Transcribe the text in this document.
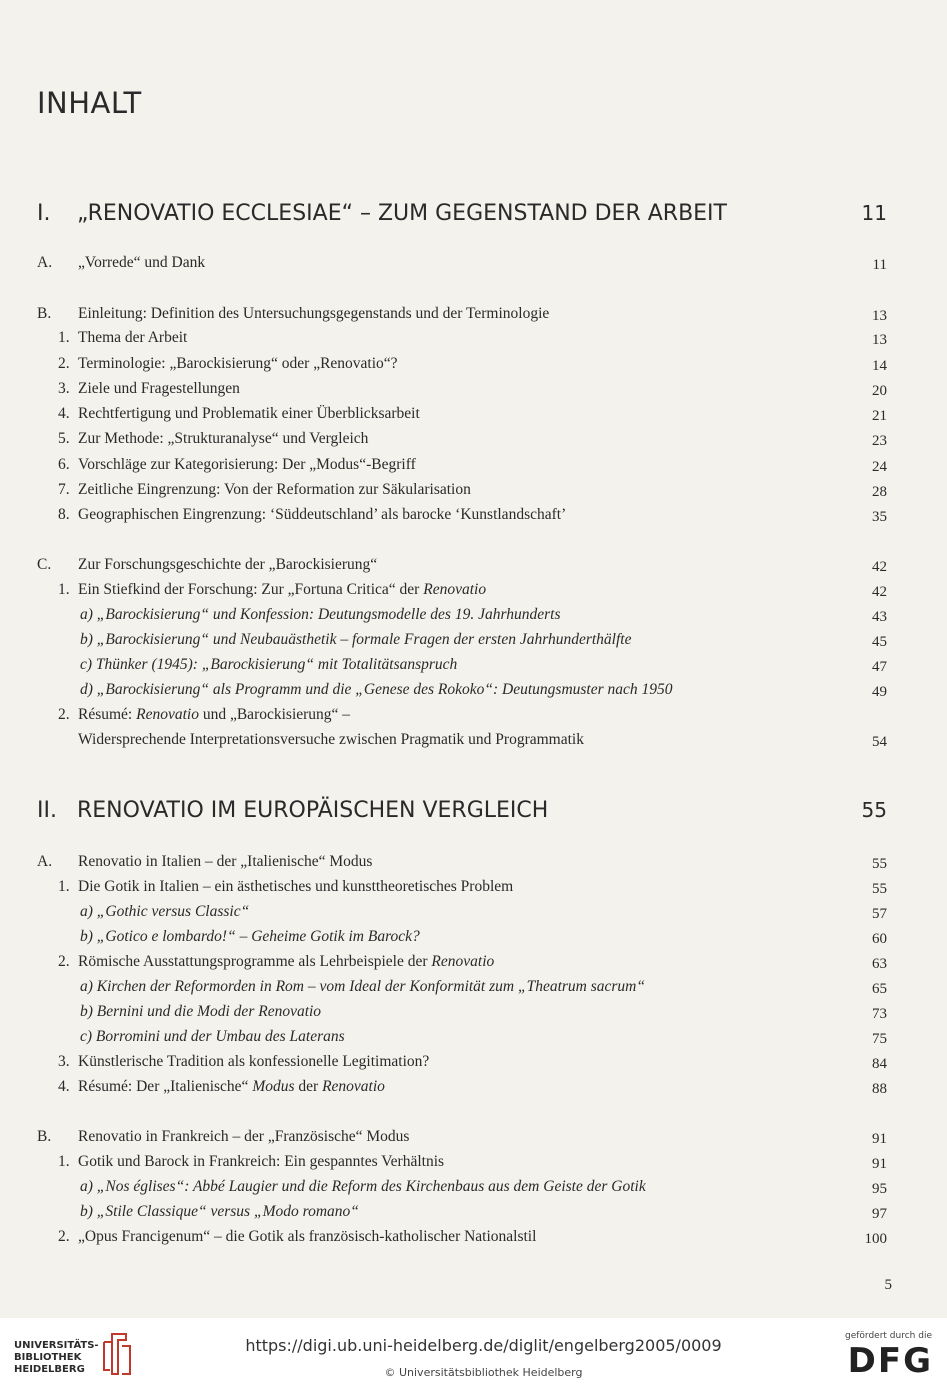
INHALT
I. „RENOVATIO ECCLESIAE“ – ZUM GEGENSTAND DER ARBEIT	11
A. „Vorrede“ und Dank	11
B. Einleitung: Definition des Untersuchungsgegenstands und der Terminologie	13
1. Thema der Arbeit	13
2. Terminologie: „Barockisierung“ oder „Renovatio“?	14
3. Ziele und Fragestellungen	20
4. Rechtfertigung und Problematik einer Überblicksarbeit	21
5. Zur Methode: „Strukturanalyse“ und Vergleich	23
6. Vorschläge zur Kategorisierung: Der „Modus“-Begriff	24
7. Zeitliche Eingrenzung: Von der Reformation zur Säkularisation	28
8. Geographischen Eingrenzung: ‘Süddeutschland’ als barocke ‘Kunstlandschaft’	35
C. Zur Forschungsgeschichte der „Barockisierung“	42
1. Ein Stiefkind der Forschung: Zur „Fortuna Critica“ der Renovatio	42
a) „Barockisierung“ und Konfession: Deutungsmodelle des 19. Jahrhunderts	43
b) „Barockisierung“ und Neubauästhetik – formale Fragen der ersten Jahrhunderthälfte	45
c) Thünker (1945): „Barockisierung“ mit Totalitätsanspruch	47
d) „Barockisierung“ als Programm und die „Genese des Rokoko“: Deutungsmuster nach 1950	49
2. Résumé: Renovatio und „Barockisierung“ –
Widersprechende Interpretationsversuche zwischen Pragmatik und Programmatik	54
II. RENOVATIO IM EUROPÄISCHEN VERGLEICH	55
A. Renovatio in Italien – der „Italienische“ Modus	55
1. Die Gotik in Italien – ein ästhetisches und kunsttheoretisches Problem	55
a) „Gothic versus Classic“	57
b) „Gotico e lombardo!“ – Geheime Gotik im Barock?	60
2. Römische Ausstattungsprogramme als Lehrbeispiele der Renovatio	63
a) Kirchen der Reformorden in Rom – vom Ideal der Konformität zum „Theatrum sacrum“	65
b) Bernini und die Modi der Renovatio	73
c) Borromini und der Umbau des Laterans	75
3. Künstlerische Tradition als konfessionelle Legitimation?	84
4. Résumé: Der „Italienische“ Modus der Renovatio	88
B. Renovatio in Frankreich – der „Französische“ Modus	91
1. Gotik und Barock in Frankreich: Ein gespanntes Verhältnis	91
a) „Nos églises“: Abbé Laugier und die Reform des Kirchenbaus aus dem Geiste der Gotik	95
b) „Stile Classique“ versus „Modo romano“	97
2. „Opus Francigenum“ – die Gotik als französisch-katholischer Nationalstil	100
5
UNIVERSITÄTS-
BIBLIOTHEK
HEIDELBERG
https://digi.ub.uni-heidelberg.de/diglit/engelberg2005/0009
© Universitätsbibliothek Heidelberg
gefördert durch die
DFG
